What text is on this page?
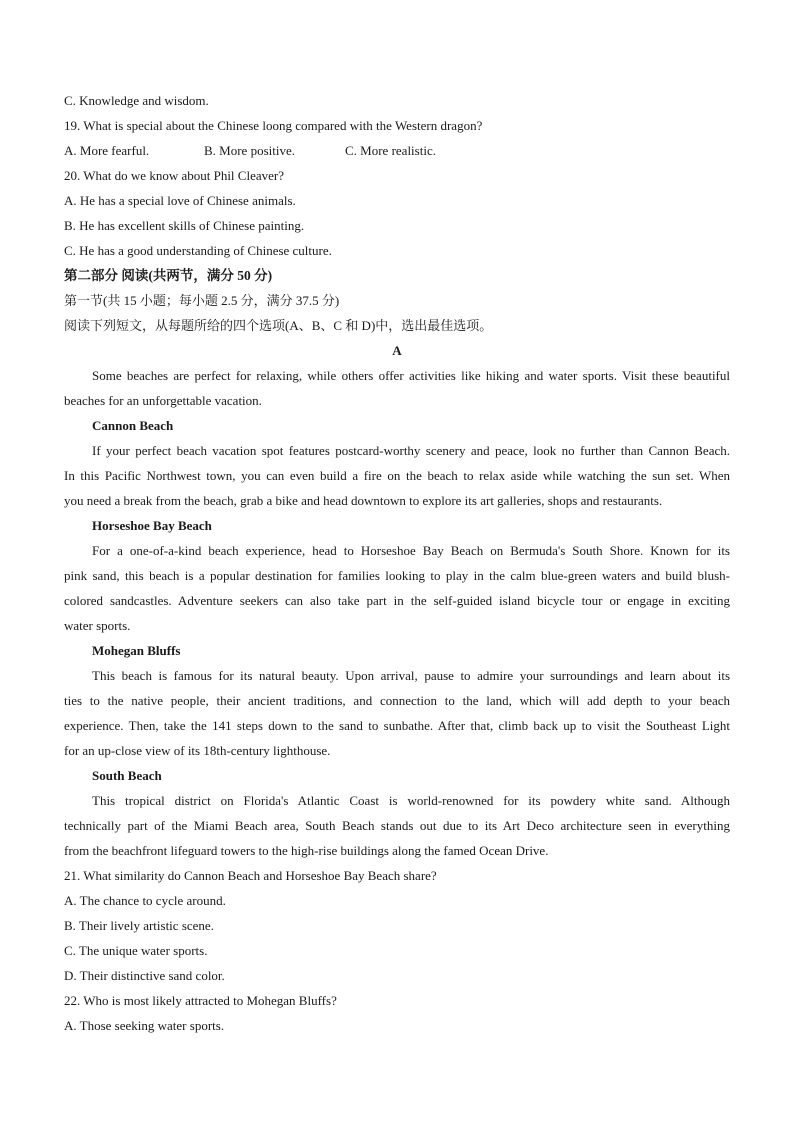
C. Knowledge and wisdom.
19. What is special about the Chinese loong compared with the Western dragon?
A. More fearful.	B. More positive.	C. More realistic.
20. What do we know about Phil Cleaver?
A. He has a special love of Chinese animals.
B. He has excellent skills of Chinese painting.
C. He has a good understanding of Chinese culture.
第二部分 阅读(共两节，满分 50 分)
第一节(共 15 小题；每小题 2.5 分，满分 37.5 分)
阅读下列短文，从每题所给的四个选项(A、B、C 和 D)中，选出最佳选项。
A
Some beaches are perfect for relaxing, while others offer activities like hiking and water sports. Visit these beautiful
beaches for an unforgettable vacation.
Cannon Beach
If your perfect beach vacation spot features postcard-worthy scenery and peace, look no further than Cannon Beach.
In this Pacific Northwest town, you can even build a fire on the beach to relax aside while watching the sun set. When
you need a break from the beach, grab a bike and head downtown to explore its art galleries, shops and restaurants.
Horseshoe Bay Beach
For a one-of-a-kind beach experience, head to Horseshoe Bay Beach on Bermuda's South Shore. Known for its
pink sand, this beach is a popular destination for families looking to play in the calm blue-green waters and build blush-
colored sandcastles. Adventure seekers can also take part in the self-guided island bicycle tour or engage in exciting
water sports.
Mohegan Bluffs
This beach is famous for its natural beauty. Upon arrival, pause to admire your surroundings and learn about its
ties to the native people, their ancient traditions, and connection to the land, which will add depth to your beach
experience. Then, take the 141 steps down to the sand to sunbathe. After that, climb back up to visit the Southeast Light
for an up-close view of its 18th-century lighthouse.
South Beach
This tropical district on Florida's Atlantic Coast is world-renowned for its powdery white sand. Although
technically part of the Miami Beach area, South Beach stands out due to its Art Deco architecture seen in everything
from the beachfront lifeguard towers to the high-rise buildings along the famed Ocean Drive.
21. What similarity do Cannon Beach and Horseshoe Bay Beach share?
A. The chance to cycle around.
B. Their lively artistic scene.
C. The unique water sports.
D. Their distinctive sand color.
22. Who is most likely attracted to Mohegan Bluffs?
A. Those seeking water sports.
